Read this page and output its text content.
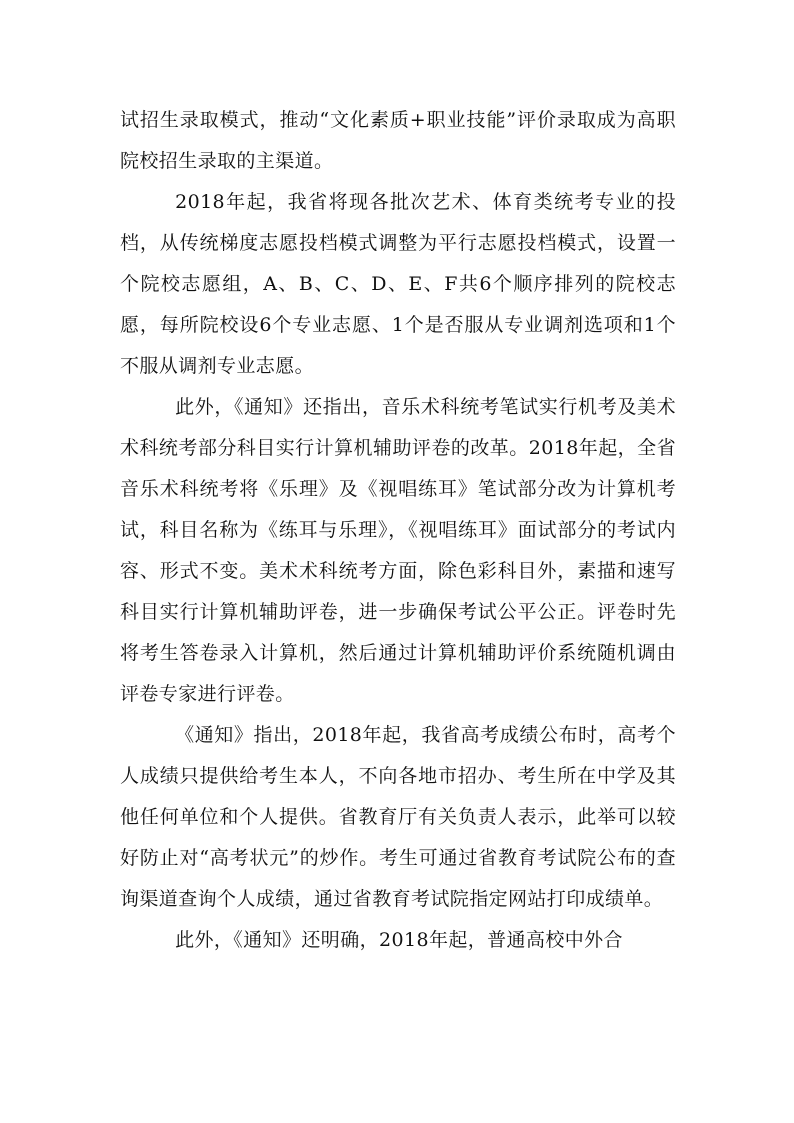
试招生录取模式，推动“文化素质+职业技能”评价录取成为高职院校招生录取的主渠道。

2018年起，我省将现各批次艺术、体育类统考专业的投档，从传统梯度志愿投档模式调整为平行志愿投档模式，设置一个院校志愿组，A、B、C、D、E、F共6个顺序排列的院校志愿，每所院校设6个专业志愿、1个是否服从专业调剂选项和1个不服从调剂专业志愿。

此外，《通知》还指出，音乐术科统考笔试实行机考及美术术科统考部分科目实行计算机辅助评卷的改革。2018年起，全省音乐术科统考将《乐理》及《视唱练耳》笔试部分改为计算机考试，科目名称为《练耳与乐理》，《视唱练耳》面试部分的考试内容、形式不变。美术术科统考方面，除色彩科目外，素描和速写科目实行计算机辅助评卷，进一步确保考试公平公正。评卷时先将考生答卷录入计算机，然后通过计算机辅助评价系统随机调由评卷专家进行评卷。

《通知》指出，2018年起，我省高考成绩公布时，高考个人成绩只提供给考生本人，不向各地市招办、考生所在中学及其他任何单位和个人提供。省教育厅有关负责人表示，此举可以较好防止对“高考状元”的炒作。考生可通过省教育考试院公布的查询渠道查询个人成绩，通过省教育考试院指定网站打印成绩单。

此外，《通知》还明确，2018年起，普通高校中外合
